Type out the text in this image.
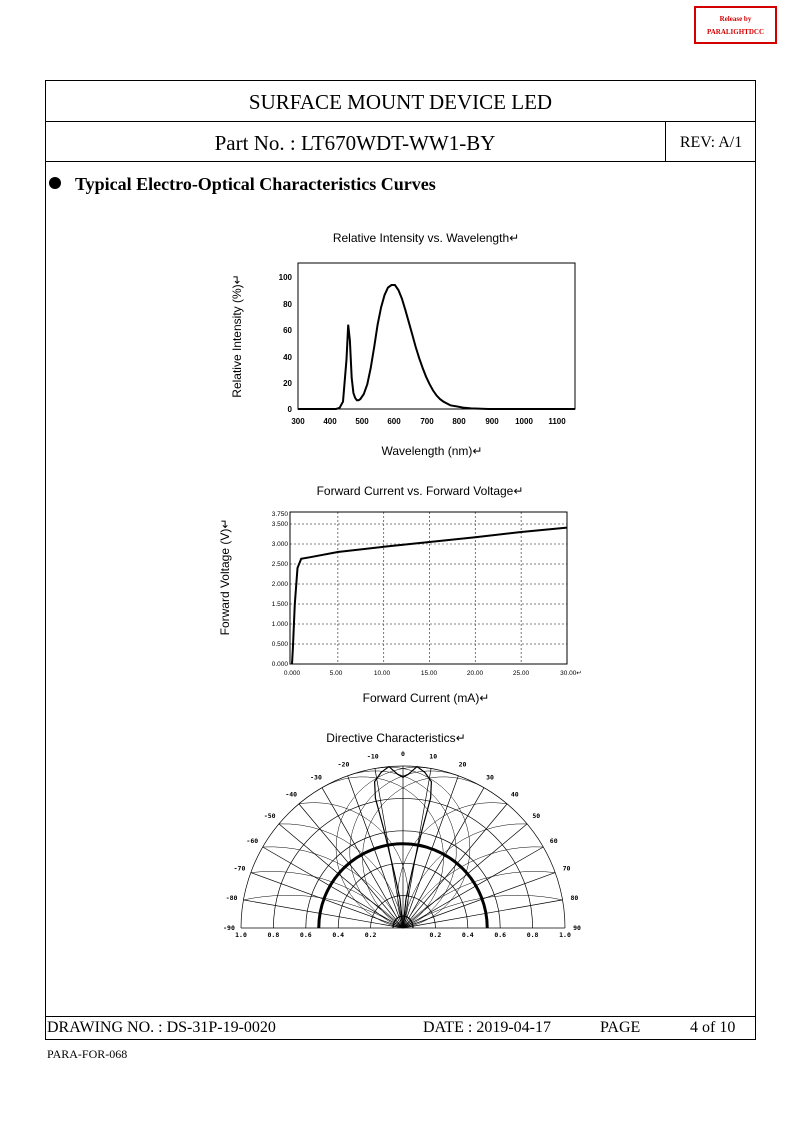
Release by
PARALIGHTDCC
SURFACE MOUNT DEVICE LED
Part No. : LT670WDT-WW1-BY	REV: A/1
Typical Electro-Optical Characteristics Curves
Relative Intensity vs. Wavelength↵
0
20
40
60
80
100
300 400 500 600 700 800 900 1000 1100
Wavelength (nm)↵
Relative Intensity (%)↵
Forward Current vs. Forward Voltage↵
0.000
0.500
1.000
1.500
2.000
2.500
3.000
3.500
3.750
0.000	5.00	10.00	15.00	20.00	25.00	30.00↵
Forward Current (mA)↵
Forward Voltage (V)↵
Directive Characteristics↵
-90
-80
-70
-60
-50
-40
-30
-20
-10	0	10
20
30
40
50
60
70
80
90
1.0	0.8	0.6	0.4	0.2	0.2	0.4	0.6	0.8	1.0
DRAWING NO. : DS-31P-19-0020	DATE : 2019-04-17	PAGE	4 of 10
PARA-FOR-068
